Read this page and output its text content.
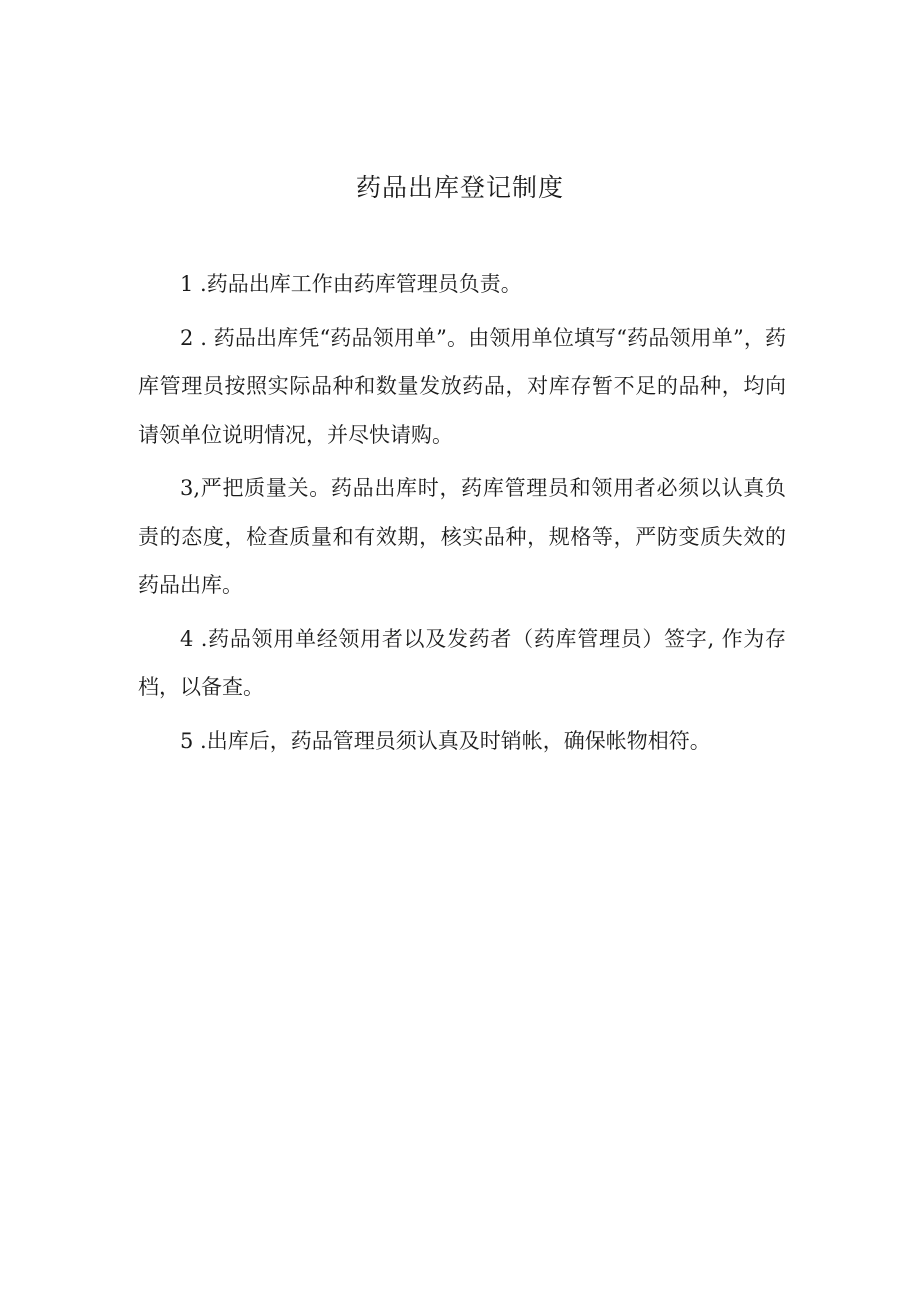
药品出库登记制度

1 .药品出库工作由药库管理员负责。

2 . 药品出库凭“药品领用单”。由领用单位填写“药品领用单”，药库管理员按照实际品种和数量发放药品，对库存暂不足的品种，均向请领单位说明情况，并尽快请购。

3,严把质量关。药品出库时，药库管理员和领用者必须以认真负责的态度，检查质量和有效期，核实品种，规格等，严防变质失效的药品出库。

4 .药品领用单经领用者以及发药者（药库管理员）签字, 作为存档，以备查。

5 .出库后，药品管理员须认真及时销帐，确保帐物相符。
